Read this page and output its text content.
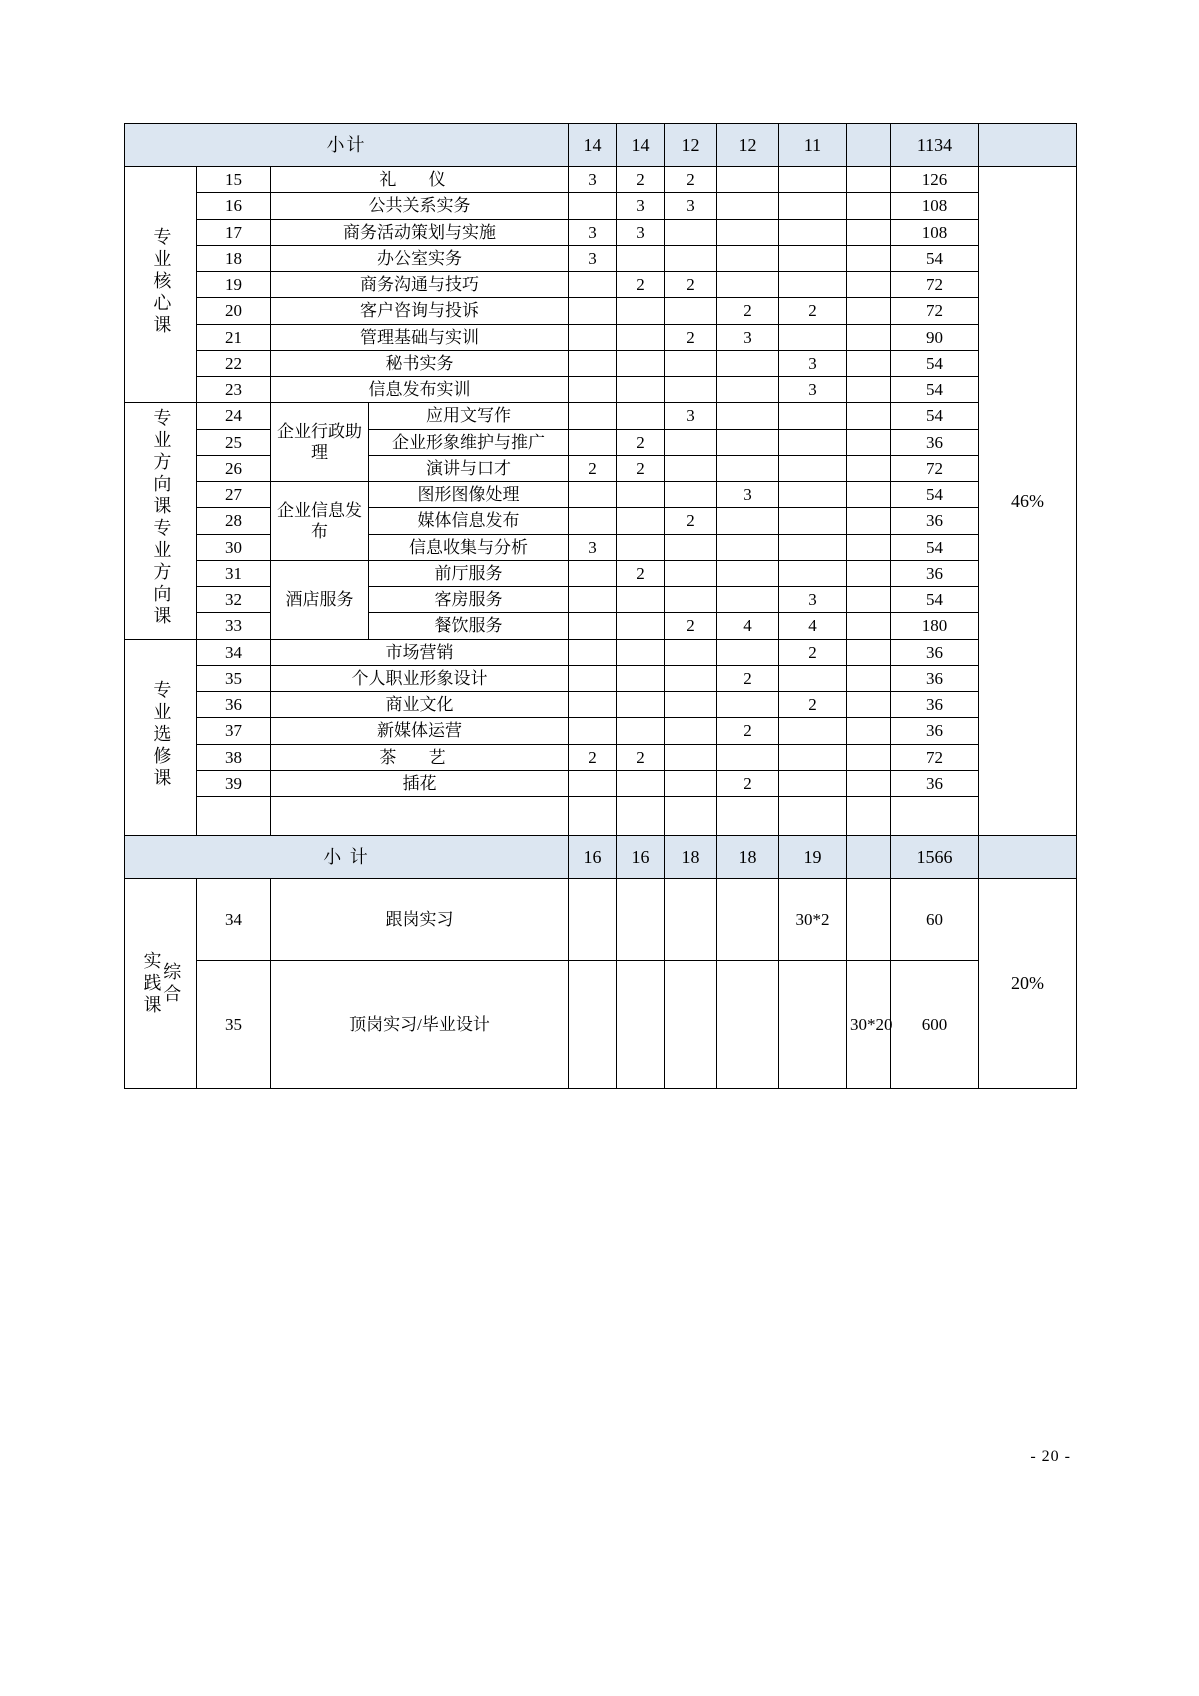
小计				14	14	12	12	11		1134	
专业核心课	15	礼 仪		3	2	2				126	46%
	16	公共关系实务			3	3				108	
	17	商务活动策划与实施		3	3					108	
	18	办公室实务		3						54	
	19	商务沟通与技巧			2	2				72	
	20	客户咨询与投诉					2	2		72	
	21	管理基础与实训				2	3			90	
	22	秘书实务						3		54	
	23	信息发布实训						3		54	
专业方向课专业方向课	24	企业行政助理	应用文写作			3				54	
	25		企业形象维护与推广		2					36	
	26		演讲与口才	2	2					72	
	27	企业信息发布	图形图像处理				3			54	
	28		媒体信息发布			2				36	
	30		信息收集与分析	3						54	
	31	酒店服务	前厅服务		2					36	
	32		客房服务					3		54	
	33		餐饮服务			2	4	4		180	
专业选修课	34	市场营销						2		36	
	35	个人职业形象设计					2			36	
	36	商业文化						2		36	
	37	新媒体运营					2			36	
	38	茶 艺		2	2					72	
	39	插花					2			36	

小 计				16	16	18	18	19		1566	

综合
实践课	34	跟岗实习						30*2		60	20%
	35	顶岗实习/毕业设计							30*20	600	
- 20 -
